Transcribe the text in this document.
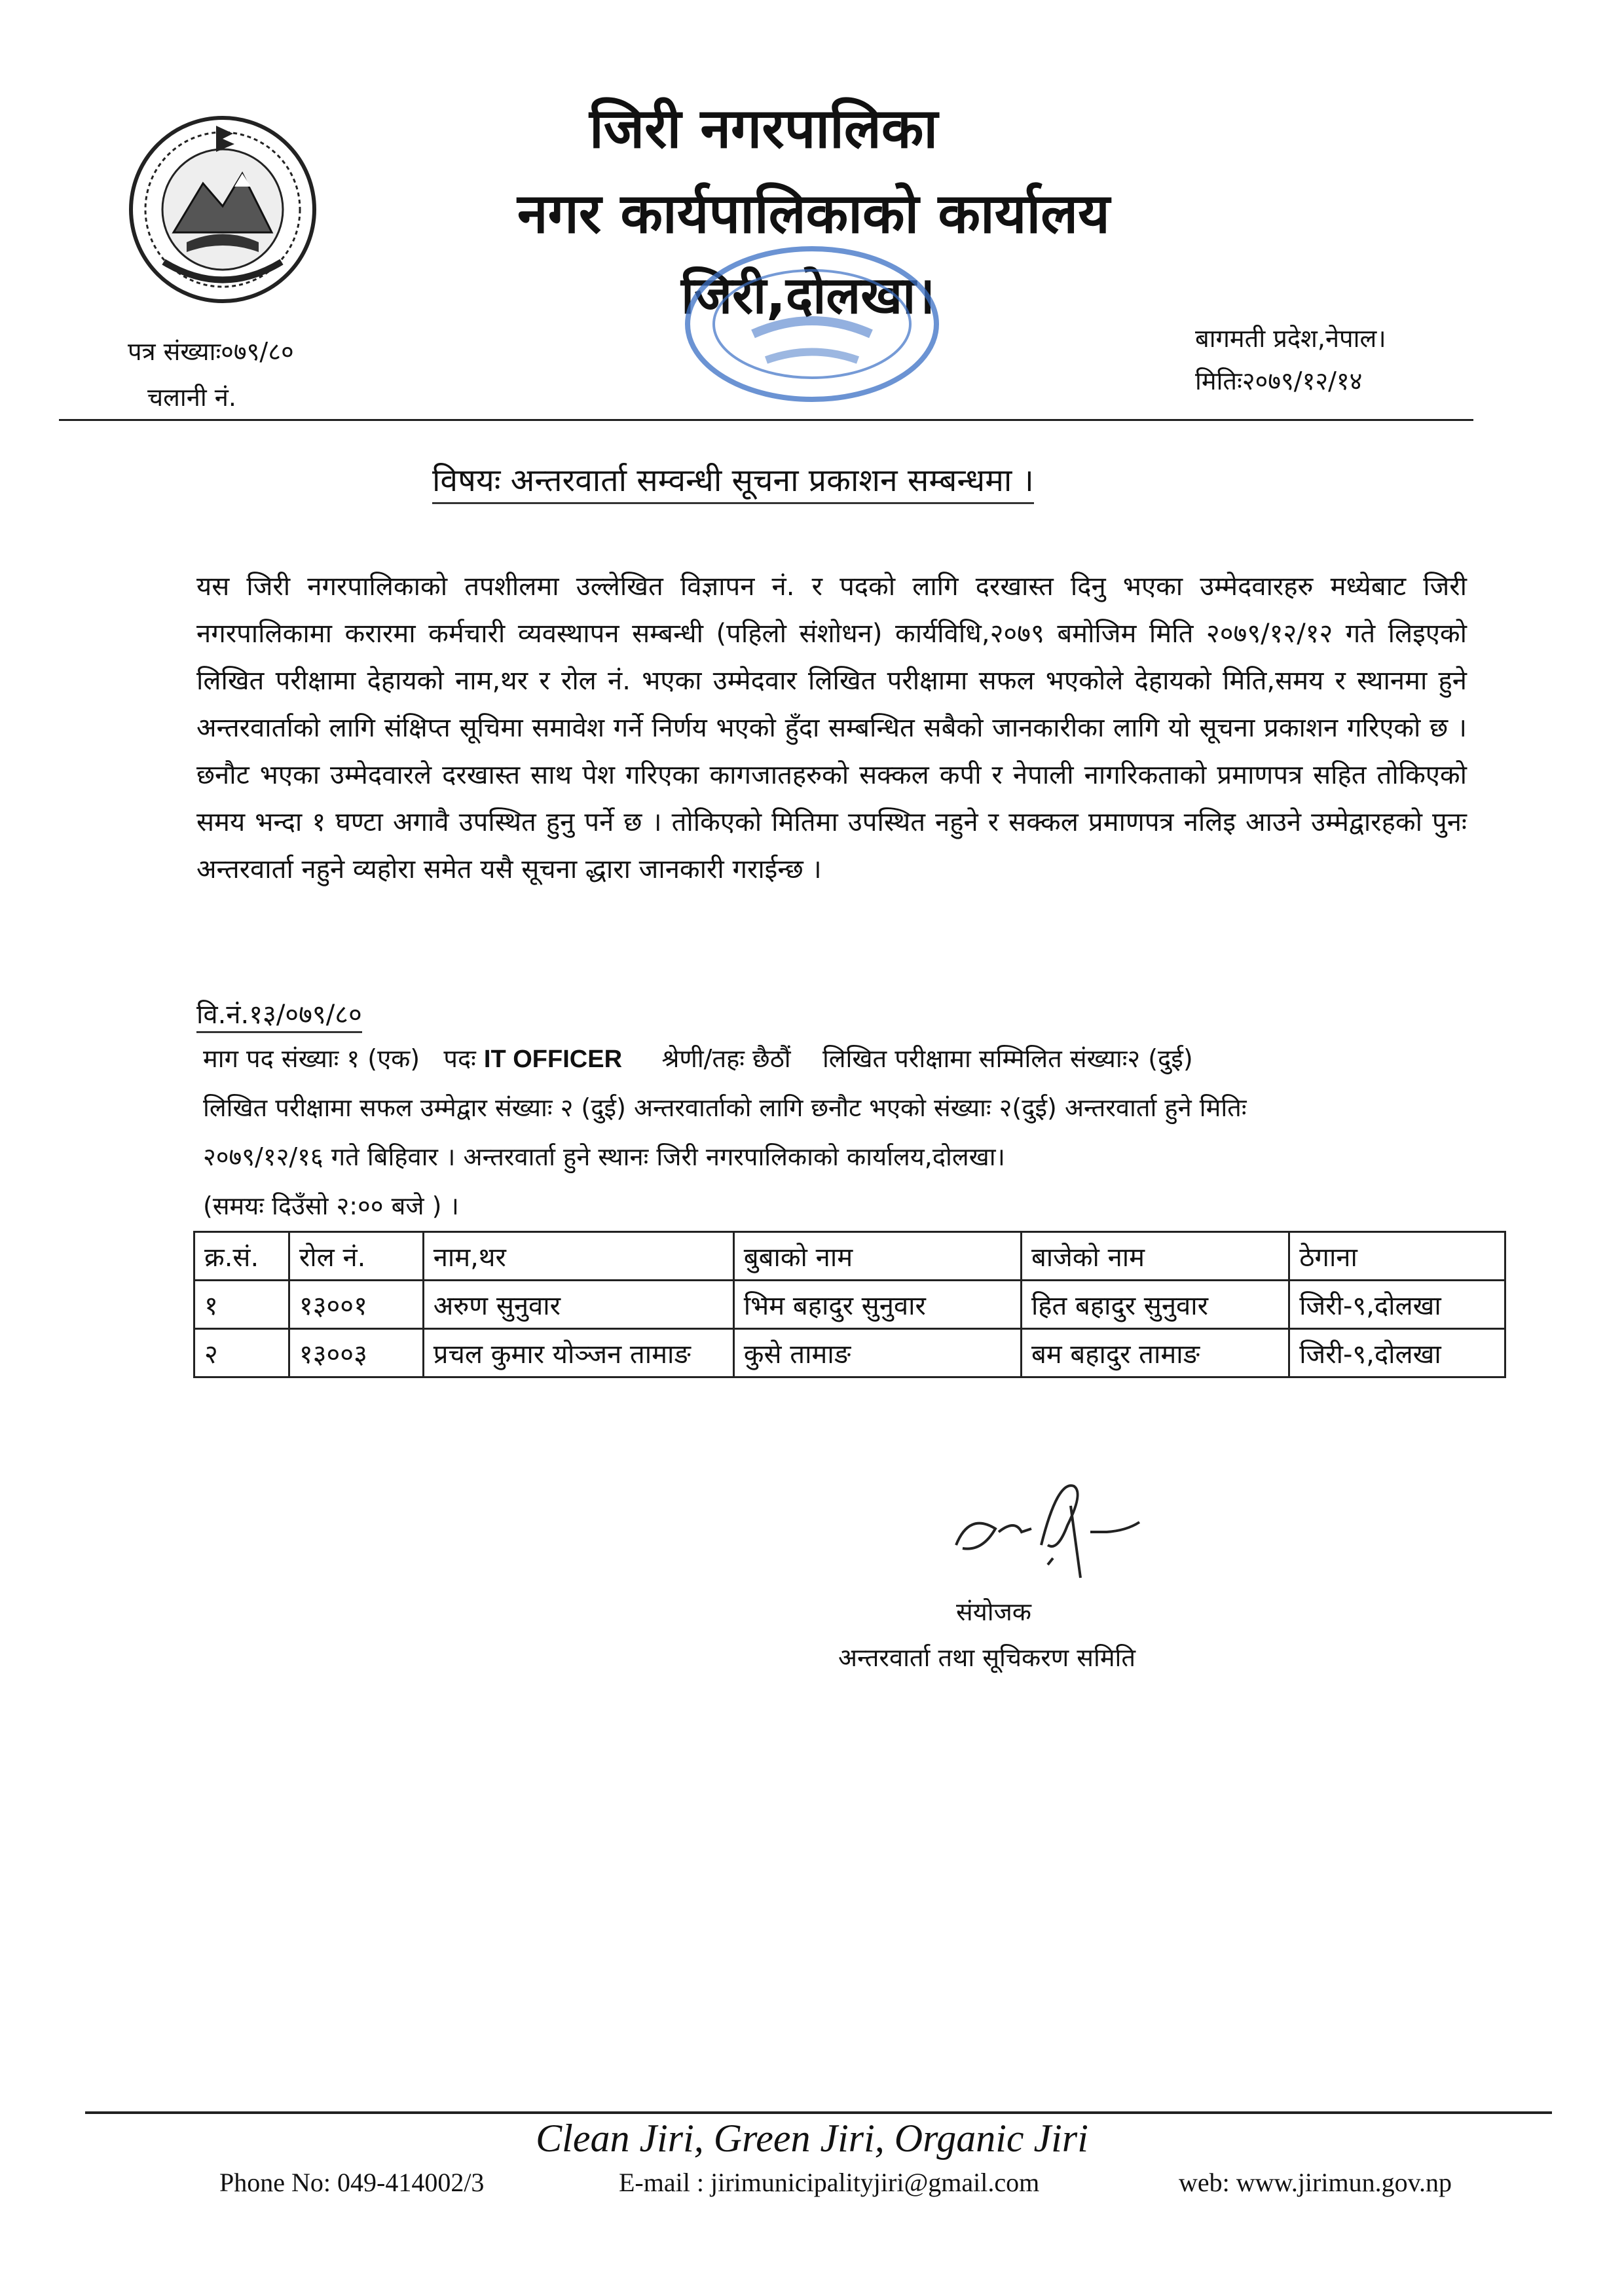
जिरी नगरपालिका
नगर कार्यपालिकाको कार्यालय
जिरी,दोलखा।
पत्र संख्याः०७९/८०
चलानी नं.
बागमती प्रदेश,नेपाल।
मितिः२०७९/१२/१४
विषयः अन्तरवार्ता सम्वन्धी सूचना प्रकाशन सम्बन्धमा ।
यस जिरी नगरपालिकाको तपशीलमा उल्लेखित विज्ञापन नं. र पदको लागि दरखास्त दिनु भएका उम्मेदवारहरु मध्येबाट जिरी नगरपालिकामा करारमा कर्मचारी व्यवस्थापन सम्बन्धी (पहिलो संशोधन) कार्यविधि,२०७९ बमोजिम मिति २०७९/१२/१२ गते लिइएको लिखित परीक्षामा देहायको नाम,थर र रोल नं. भएका उम्मेदवार लिखित परीक्षामा सफल भएकोले देहायको मिति,समय र स्थानमा हुने अन्तरवार्ताको लागि संक्षिप्त सूचिमा समावेश गर्ने निर्णय भएको हुँदा सम्बन्धित सबैको जानकारीका लागि यो सूचना प्रकाशन गरिएको छ । छनौट भएका उम्मेदवारले दरखास्त साथ पेश गरिएका कागजातहरुको सक्कल कपी र नेपाली नागरिकताको प्रमाणपत्र सहित तोकिएको समय भन्दा १ घण्टा अगावै उपस्थित हुनु पर्ने छ । तोकिएको मितिमा उपस्थित नहुने र सक्कल प्रमाणपत्र नलिइ आउने उम्मेद्वारहको पुनः अन्तरवार्ता नहुने व्यहोरा समेत यसै सूचना द्धारा जानकारी गराईन्छ ।
वि.नं.१३/०७९/८०
माग पद संख्याः १ (एक) पदः IT OFFICER श्रेणी/तहः छैठौं लिखित परीक्षामा सम्मिलित संख्याः२ (दुई)
लिखित परीक्षामा सफल उम्मेद्वार संख्याः २ (दुई) अन्तरवार्ताको लागि छनौट भएको संख्याः २(दुई) अन्तरवार्ता हुने मितिः
२०७९/१२/१६ गते बिहिवार । अन्तरवार्ता हुने स्थानः जिरी नगरपालिकाको कार्यालय,दोलखा।
(समयः दिउँसो २:०० बजे ) ।
क्र.सं.	रोल नं.	नाम,थर	बुबाको नाम	बाजेको नाम	ठेगाना
१	१३००१	अरुण सुनुवार	भिम बहादुर सुनुवार	हित बहादुर सुनुवार	जिरी-९,दोलखा
२	१३००३	प्रचल कुमार योञ्जन तामाङ	कुसे तामाङ	बम बहादुर तामाङ	जिरी-९,दोलखा
संयोजक
अन्तरवार्ता तथा सूचिकरण समिति
Clean Jiri, Green Jiri, Organic Jiri
Phone No: 049-414002/3	E-mail : jirimunicipalityjiri@gmail.com	web: www.jirimun.gov.np
